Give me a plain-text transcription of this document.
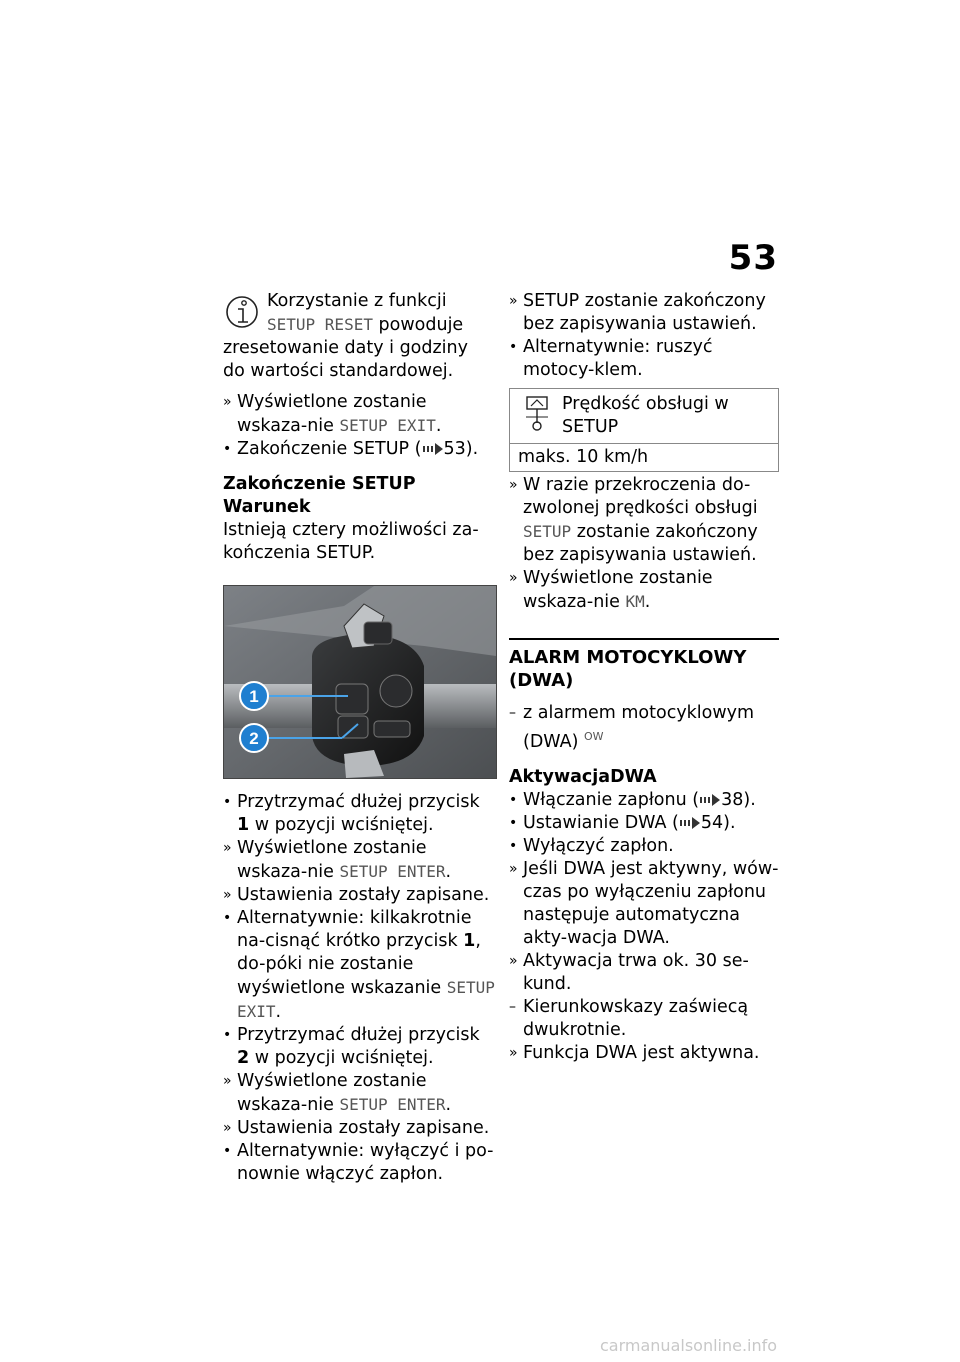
53

Korzystanie z funkcji
SETUP RESET powoduje

zresetowanie daty i godziny do wartości standardowej.

» Wyświetlone zostanie wskaza-nie SETUP EXIT.

• Zakończenie SETUP ( 53).

Zakończenie SETUP

Warunek

Istnieją cztery możliwości za-kończenia SETUP.

1
2

• Przytrzymać dłużej przycisk 1 w pozycji wciśniętej.

» Wyświetlone zostanie wskaza-nie SETUP ENTER.

» Ustawienia zostały zapisane.

• Alternatywnie: kilkakrotnie na-cisnąć krótko przycisk 1, do-póki nie zostanie wyświetlone wskazanie SETUP EXIT.

• Przytrzymać dłużej przycisk 2 w pozycji wciśniętej.

» Wyświetlone zostanie wskaza-nie SETUP ENTER.

» Ustawienia zostały zapisane.

• Alternatywnie: wyłączyć i po-nownie włączyć zapłon.

» SETUP zostanie zakończony bez zapisywania ustawień.

• Alternatywnie: ruszyć motocy-klem.

Prędkość obsługi w SETUP
maks. 10 km/h

» W razie przekroczenia do-zwolonej prędkości obsługi SETUP zostanie zakończony bez zapisywania ustawień.

» Wyświetlone zostanie wskaza-nie KM.

ALARM MOTOCYKLOWY (DWA)

– z alarmem motocyklowym (DWA) $^{OW}$

AktywacjaDWA

• Włączanie zapłonu ( 38).

• Ustawianie DWA ( 54).

• Wyłączyć zapłon.

» Jeśli DWA jest aktywny, wów-czas po wyłączeniu zapłonu następuje automatyczna akty-wacja DWA.

» Aktywacja trwa ok. 30 se-kund.

– Kierunkowskazy zaświecą dwukrotnie.

» Funkcja DWA jest aktywna.

carmanualsonline.info
